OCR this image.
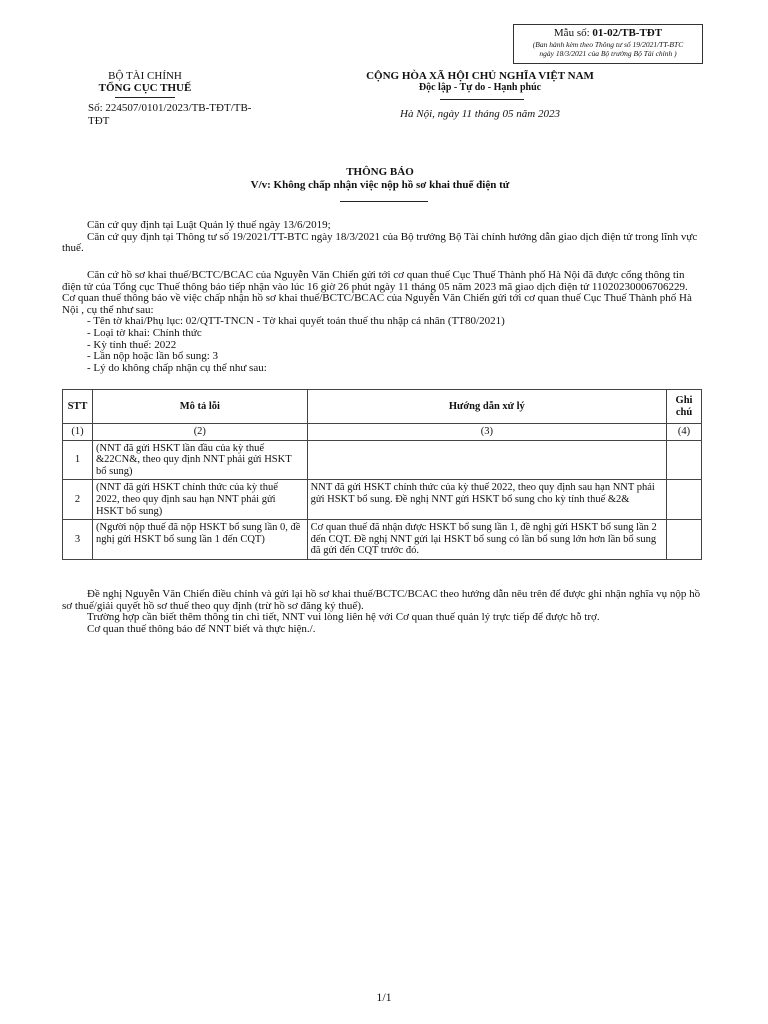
Mẫu số: 01-02/TB-TĐT
(Ban hành kèm theo Thông tư số 19/2021/TT-BTC
ngày 18/3/2021 của Bộ trưởng Bộ Tài chính )
BỘ TÀI CHÍNH
TỔNG CỤC THUẾ
Số: 224507/0101/2023/TB-TĐT/TB-
TĐT
CỘNG HÒA XÃ HỘI CHỦ NGHĨA VIỆT NAM
Độc lập - Tự do - Hạnh phúc
Hà Nội, ngày 11 tháng 05 năm 2023
THÔNG BÁO
V/v: Không chấp nhận việc nộp hồ sơ khai thuế điện tử

Căn cứ quy định tại Luật Quản lý thuế ngày 13/6/2019;

Căn cứ quy định tại Thông tư số 19/2021/TT-BTC ngày 18/3/2021 của Bộ trưởng Bộ Tài chính hướng dẫn giao dịch điện tử trong lĩnh vực thuế.

Căn cứ hồ sơ khai thuế/BCTC/BCAC của Nguyễn Văn Chiến gửi tới cơ quan thuế Cục Thuế Thành phố Hà Nội đã được cổng thông tin điện tử của Tổng cục Thuế thông báo tiếp nhận vào lúc 16 giờ 26 phút ngày 11 tháng 05 năm 2023 mã giao dịch điện tử 11020230006706229. Cơ quan thuế thông báo về việc chấp nhận hồ sơ khai thuế/BCTC/BCAC của Nguyễn Văn Chiến gửi tới cơ quan thuế Cục Thuế Thành phố Hà Nội , cụ thể như sau:

- Tên tờ khai/Phụ lục: 02/QTT-TNCN - Tờ khai quyết toán thuế thu nhập cá nhân (TT80/2021)

- Loại tờ khai: Chính thức

- Kỳ tính thuế: 2022

- Lần nộp hoặc lần bổ sung: 3

- Lý do không chấp nhận cụ thể như sau:

STT	Mô tả lỗi	Hướng dẫn xử lý	Ghi chú
(1)	(2)	(3)	(4)
1	(NNT đã gửi HSKT lần đầu của kỳ thuế &22CN&, theo quy định NNT phải gửi HSKT bổ sung)		
2	(NNT đã gửi HSKT chính thức của kỳ thuế 2022, theo quy định sau hạn NNT phải gửi HSKT bổ sung)	NNT đã gửi HSKT chính thức của kỳ thuế 2022, theo quy định sau hạn NNT phải gửi HSKT bổ sung. Đề nghị NNT gửi HSKT bổ sung cho kỳ tính thuế &2&	
3	(Người nộp thuế đã nộp HSKT bổ sung lần 0, đề nghị gửi HSKT bổ sung lần 1 đến CQT)	Cơ quan thuế đã nhận được HSKT bổ sung lần 1, đề nghị gửi HSKT bổ sung lần 2 đến CQT. Đề nghị NNT gửi lại HSKT bổ sung có lần bổ sung lớn hơn lần bổ sung đã gửi đến CQT trước đó.	

Đề nghị Nguyễn Văn Chiến điều chỉnh và gửi lại hồ sơ khai thuế/BCTC/BCAC theo hướng dẫn nêu trên để được ghi nhận nghĩa vụ nộp hồ sơ thuế/giải quyết hồ sơ thuế theo quy định (trừ hồ sơ đăng ký thuế).

Trường hợp cần biết thêm thông tin chi tiết, NNT vui lòng liên hệ với Cơ quan thuế quản lý trực tiếp để được hỗ trợ.

Cơ quan thuế thông báo để NNT biết và thực hiện./.

1/1
